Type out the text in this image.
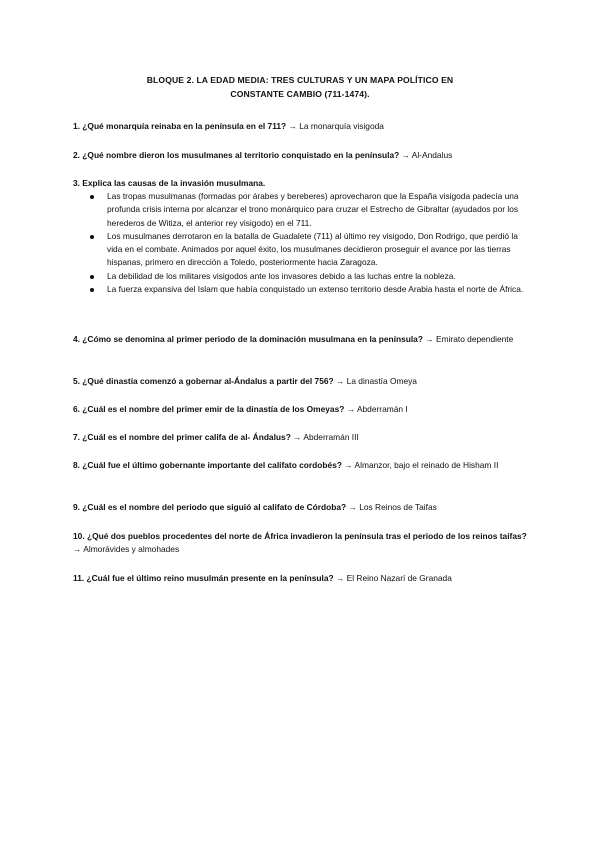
BLOQUE 2. LA EDAD MEDIA: TRES CULTURAS Y UN MAPA POLÍTICO EN
CONSTANTE CAMBIO (711-1474).
1. ¿Qué monarquía reinaba en la península en el 711? → La monarquía visigoda
2. ¿Qué nombre dieron los musulmanes al territorio conquistado en la península? → Al-Andalus
3. Explica las causas de la invasión musulmana.
Las tropas musulmanas (formadas por árabes y bereberes) aprovecharon que la España visigoda padecía una profunda crisis interna por alcanzar el trono monárquico para cruzar el Estrecho de Gibraltar (ayudados por los herederos de Witiza, el anterior rey visigodo) en el 711.
Los musulmanes derrotaron en la batalla de Guadalete (711) al último rey visigodo, Don Rodrigo, que perdió la vida en el combate. Animados por aquel éxito, los musulmanes decidieron proseguir el avance por las tierras hispanas, primero en dirección a Toledo, posteriormente hacia Zaragoza.
La debilidad de los militares visigodos ante los invasores debido a las luchas entre la nobleza.
La fuerza expansiva del Islam que había conquistado un extenso territorio desde Arabia hasta el norte de África.
4. ¿Cómo se denomina al primer periodo de la dominación musulmana en la península? → Emirato dependiente
5. ¿Qué dinastía comenzó a gobernar al-Ándalus a partir del 756? → La dinastía Omeya
6. ¿Cuál es el nombre del primer emir de la dinastía de los Omeyas? → Abderramán I
7. ¿Cuál es el nombre del primer califa de al- Ándalus? → Abderramán III
8. ¿Cuál fue el último gobernante importante del califato cordobés? → Almanzor, bajo el reinado de Hisham II
9. ¿Cuál es el nombre del periodo que siguió al califato de Córdoba? → Los Reinos de Taifas
10. ¿Qué dos pueblos procedentes del norte de África invadieron la península tras el periodo de los reinos taifas? → Almorávides y almohades
11. ¿Cuál fue el último reino musulmán presente en la península? → El Reino Nazarí de Granada
